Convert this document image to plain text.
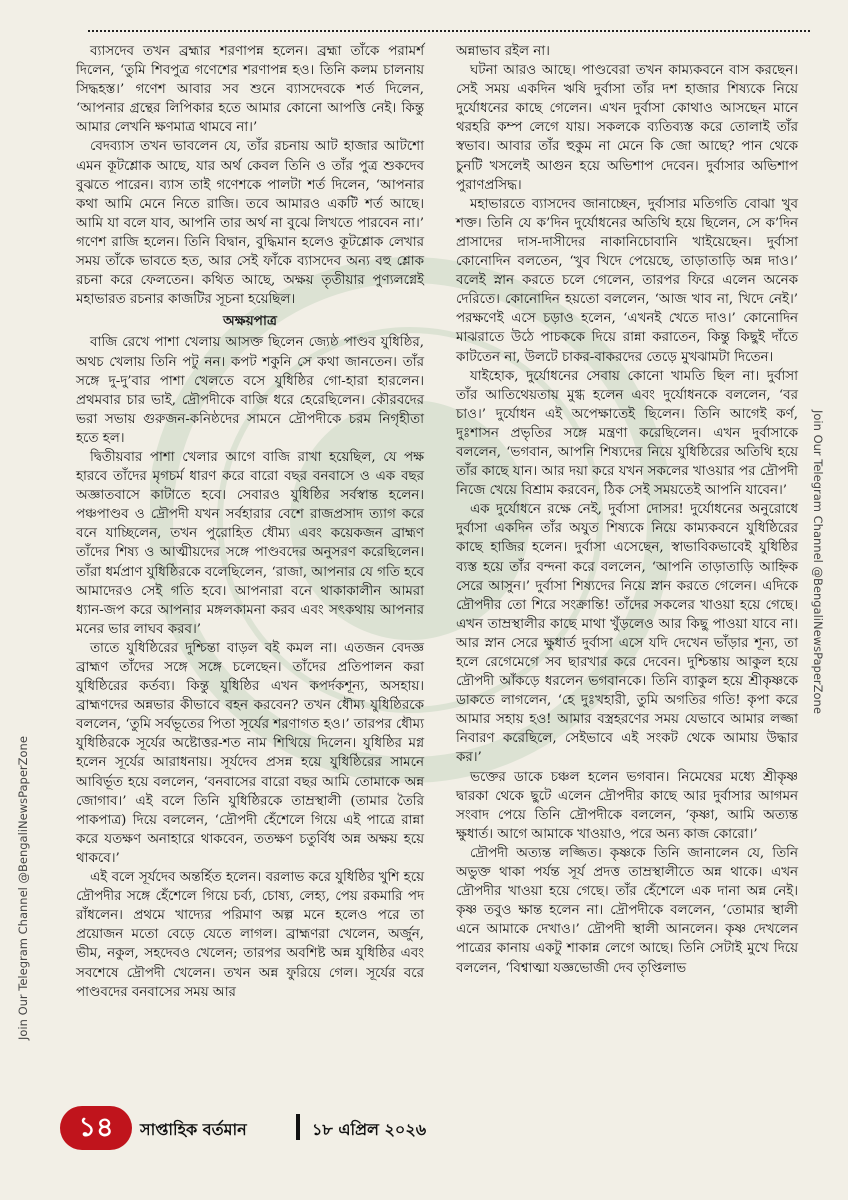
ব্যাসদেব তখন ব্রহ্মার শরণাপন্ন হলেন। ব্রহ্মা তাঁকে পরামর্শ দিলেন, ‘তুমি শিবপুত্র গণেশের শরণাপন্ন হও। তিনি কলম চালনায় সিদ্ধহস্ত।’ গণেশ আবার সব শুনে ব্যাসদেবকে শর্ত দিলেন, ‘আপনার গ্রন্থের লিপিকার হতে আমার কোনো আপত্তি নেই। কিন্তু আমার লেখনি ক্ষণমাত্র থামবে না।’

বেদব্যাস তখন ভাবলেন যে, তাঁর রচনায় আট হাজার আটশো এমন কূটশ্লোক আছে, যার অর্থ কেবল তিনি ও তাঁর পুত্র শুকদেব বুঝতে পারেন। ব্যাস তাই গণেশকে পালটা শর্ত দিলেন, ‘আপনার কথা আমি মেনে নিতে রাজি। তবে আমারও একটি শর্ত আছে। আমি যা বলে যাব, আপনি তার অর্থ না বুঝে লিখতে পারবেন না।’ গণেশ রাজি হলেন। তিনি বিদ্বান, বুদ্ধিমান হলেও কূটশ্লোক লেখার সময় তাঁকে ভাবতে হত, আর সেই ফাঁকে ব্যাসদেব অন্য বহু শ্লোক রচনা করে ফেলতেন। কথিত আছে, অক্ষয় তৃতীয়ার পুণ্যলগ্নেই মহাভারত রচনার কাজটির সূচনা হয়েছিল।

অক্ষয়পাত্র

বাজি রেখে পাশা খেলায় আসক্ত ছিলেন জ্যেষ্ঠ পাণ্ডব যুধিষ্ঠির, অথচ খেলায় তিনি পটু নন। কপট শকুনি সে কথা জানতেন। তাঁর সঙ্গে দু-দু’বার পাশা খেলতে বসে যুধিষ্ঠির গো-হারা হারলেন। প্রথমবার চার ভাই, দ্রৌপদীকে বাজি ধরে হেরেছিলেন। কৌরবদের ভরা সভায় গুরুজন-কনিষ্ঠদের সামনে দ্রৌপদীকে চরম নিগৃহীতা হতে হল।

দ্বিতীয়বার পাশা খেলার আগে বাজি রাখা হয়েছিল, যে পক্ষ হারবে তাঁদের মৃগচর্ম ধারণ করে বারো বছর বনবাসে ও এক বছর অজ্ঞাতবাসে কাটাতে হবে। সেবারও যুধিষ্ঠির সর্বস্বান্ত হলেন। পঞ্চপাণ্ডব ও দ্রৌপদী যখন সর্বহারার বেশে রাজপ্রসাদ ত্যাগ করে বনে যাচ্ছিলেন, তখন পুরোহিত ধৌম্য এবং কয়েকজন ব্রাহ্মণ তাঁদের শিষ্য ও আত্মীয়দের সঙ্গে পাণ্ডবদের অনুসরণ করেছিলেন। তাঁরা ধর্মপ্রাণ যুধিষ্ঠিরকে বলেছিলেন, ‘রাজা, আপনার যে গতি হবে আমাদেরও সেই গতি হবে। আপনারা বনে থাকাকালীন আমরা ধ্যান-জপ করে আপনার মঙ্গলকামনা করব এবং সৎকথায় আপনার মনের ভার লাঘব করব।’

তাতে যুধিষ্ঠিরের দুশ্চিন্তা বাড়ল বই কমল না। এতজন বেদজ্ঞ ব্রাহ্মণ তাঁদের সঙ্গে সঙ্গে চলেছেন। তাঁদের প্রতিপালন করা যুধিষ্ঠিরের কর্তব্য। কিন্তু যুধিষ্ঠির এখন কপর্দকশূন্য, অসহায়। ব্রাহ্মণদের অন্নভার কীভাবে বহন করবেন? তখন ধৌম্য যুধিষ্ঠিরকে বললেন, ‘তুমি সর্বভূতের পিতা সূর্যের শরণাগত হও।’ তারপর ধৌম্য যুধিষ্ঠিরকে সূর্যের অষ্টোত্তর-শত নাম শিখিয়ে দিলেন। যুধিষ্ঠির মগ্ন হলেন সূর্যের আরাধনায়। সূর্যদেব প্রসন্ন হয়ে যুধিষ্ঠিরের সামনে আবির্ভূত হয়ে বললেন, ‘বনবাসের বারো বছর আমি তোমাকে অন্ন জোগাব।’ এই বলে তিনি যুধিষ্ঠিরকে তাম্রস্থালী (তামার তৈরি পাকপাত্র) দিয়ে বললেন, ‘দ্রৌপদী হেঁশেলে গিয়ে এই পাত্রে রান্না করে যতক্ষণ অনাহারে থাকবেন, ততক্ষণ চতুর্বিধ অন্ন অক্ষয় হয়ে থাকবে।’

এই বলে সূর্যদেব অন্তর্হিত হলেন। বরলাভ করে যুধিষ্ঠির খুশি হয়ে দ্রৌপদীর সঙ্গে হেঁশেলে গিয়ে চর্ব্য, চোষ্য, লেহ্য, পেয় রকমারি পদ রাঁধলেন। প্রথমে খাদ্যের পরিমাণ অল্প মনে হলেও পরে তা প্রয়োজন মতো বেড়ে যেতে লাগল। ব্রাহ্মণরা খেলেন, অর্জুন, ভীম, নকুল, সহদেবও খেলেন; তারপর অবশিষ্ট অন্ন যুধিষ্ঠির এবং সবশেষে দ্রৌপদী খেলেন। তখন অন্ন ফুরিয়ে গেল। সূর্যের বরে পাণ্ডবদের বনবাসের সময় আর

অন্নাভাব রইল না।

ঘটনা আরও আছে। পাণ্ডবেরা তখন কাম্যকবনে বাস করছেন। সেই সময় একদিন ঋষি দুর্বাসা তাঁর দশ হাজার শিষ্যকে নিয়ে দুর্যোধনের কাছে গেলেন। এখন দুর্বাসা কোথাও আসছেন মানে থরহরি কম্প লেগে যায়। সকলকে ব্যতিব্যস্ত করে তোলাই তাঁর স্বভাব। আবার তাঁর হুকুম না মেনে কি জো আছে? পান থেকে চুনটি খসলেই আগুন হয়ে অভিশাপ দেবেন। দুর্বাসার অভিশাপ পুরাণপ্রসিদ্ধ।

মহাভারতে ব্যাসদেব জানাচ্ছেন, দুর্বাসার মতিগতি বোঝা খুব শক্ত। তিনি যে ক’দিন দুর্যোধনের অতিথি হয়ে ছিলেন, সে ক’দিন প্রাসাদের দাস-দাসীদের নাকানিচোবানি খাইয়েছেন। দুর্বাসা কোনোদিন বলতেন, ‘খুব খিদে পেয়েছে, তাড়াতাড়ি অন্ন দাও।’ বলেই স্নান করতে চলে গেলেন, তারপর ফিরে এলেন অনেক দেরিতে। কোনোদিন হয়তো বললেন, ‘আজ খাব না, খিদে নেই।’ পরক্ষণেই এসে চড়াও হলেন, ‘এখনই খেতে দাও।’ কোনোদিন মাঝরাতে উঠে পাচককে দিয়ে রান্না করাতেন, কিন্তু কিছুই দাঁতে কাটতেন না, উলটে চাকর-বাকরদের তেড়ে মুখঝামটা দিতেন।

যাইহোক, দুর্যোধনের সেবায় কোনো খামতি ছিল না। দুর্বাসা তাঁর আতিথেয়তায় মুগ্ধ হলেন এবং দুর্যোধনকে বললেন, ‘বর চাও।’ দুর্যোধন এই অপেক্ষাতেই ছিলেন। তিনি আগেই কর্ণ, দুঃশাসন প্রভৃতির সঙ্গে মন্ত্রণা করেছিলেন। এখন দুর্বাসাকে বললেন, ‘ভগবান, আপনি শিষ্যদের নিয়ে যুধিষ্ঠিরের অতিথি হয়ে তাঁর কাছে যান। আর দয়া করে যখন সকলের খাওয়ার পর দ্রৌপদী নিজে খেয়ে বিশ্রাম করবেন, ঠিক সেই সময়তেই আপনি যাবেন।’

এক দুর্যোধনে রক্ষে নেই, দুর্বাসা দোসর! দুর্যোধনের অনুরোধে দুর্বাসা একদিন তাঁর অযুত শিষ্যকে নিয়ে কাম্যকবনে যুধিষ্ঠিরের কাছে হাজির হলেন। দুর্বাসা এসেছেন, স্বাভাবিকভাবেই যুধিষ্ঠির ব্যস্ত হয়ে তাঁর বন্দনা করে বললেন, ‘আপনি তাড়াতাড়ি আহ্নিক সেরে আসুন।’ দুর্বাসা শিষ্যদের নিয়ে স্নান করতে গেলেন। এদিকে দ্রৌপদীর তো শিরে সংক্রান্তি! তাঁদের সকলের খাওয়া হয়ে গেছে। এখন তাম্রস্থালীর কাছে মাথা খুঁড়লেও আর কিছু পাওয়া যাবে না। আর স্নান সেরে ক্ষুধার্ত দুর্বাসা এসে যদি দেখেন ভাঁড়ার শূন্য, তা হলে রেগেমেগে সব ছারখার করে দেবেন। দুশ্চিন্তায় আকুল হয়ে দ্রৌপদী আঁকড়ে ধরলেন ভগবানকে। তিনি ব্যাকুল হয়ে শ্রীকৃষ্ণকে ডাকতে লাগলেন, ‘হে দুঃখহারী, তুমি অগতির গতি! কৃপা করে আমার সহায় হও! আমার বস্ত্রহরণের সময় যেভাবে আমার লজ্জা নিবারণ করেছিলে, সেইভাবে এই সংকট থেকে আমায় উদ্ধার কর।’

ভক্তের ডাকে চঞ্চল হলেন ভগবান। নিমেষের মধ্যে শ্রীকৃষ্ণ দ্বারকা থেকে ছুটে এলেন দ্রৌপদীর কাছে আর দুর্বাসার আগমন সংবাদ পেয়ে তিনি দ্রৌপদীকে বললেন, ‘কৃষ্ণা, আমি অত্যন্ত ক্ষুধার্ত। আগে আমাকে খাওয়াও, পরে অন্য কাজ কোরো।’

দ্রৌপদী অত্যন্ত লজ্জিত। কৃষ্ণকে তিনি জানালেন যে, তিনি অভুক্ত থাকা পর্যন্ত সূর্য প্রদত্ত তাম্রস্থালীতে অন্ন থাকে। এখন দ্রৌপদীর খাওয়া হয়ে গেছে। তাঁর হেঁশেলে এক দানা অন্ন নেই। কৃষ্ণ তবুও ক্ষান্ত হলেন না। দ্রৌপদীকে বললেন, ‘তোমার স্থালী এনে আমাকে দেখাও।’ দ্রৌপদী স্থালী আনলেন। কৃষ্ণ দেখলেন পাত্রের কানায় একটু শাকান্ন লেগে আছে। তিনি সেটাই মুখে দিয়ে বললেন, ‘বিশ্বাত্মা যজ্ঞভোজী দেব তৃপ্তিলাভ

Join Our Telegram Channel @BengaliNewsPaperZone
Join Our Telegram Channel @BengaliNewsPaperZone
১৪	সাপ্তাহিক বর্তমান	১৮ এপ্রিল ২০২৬
